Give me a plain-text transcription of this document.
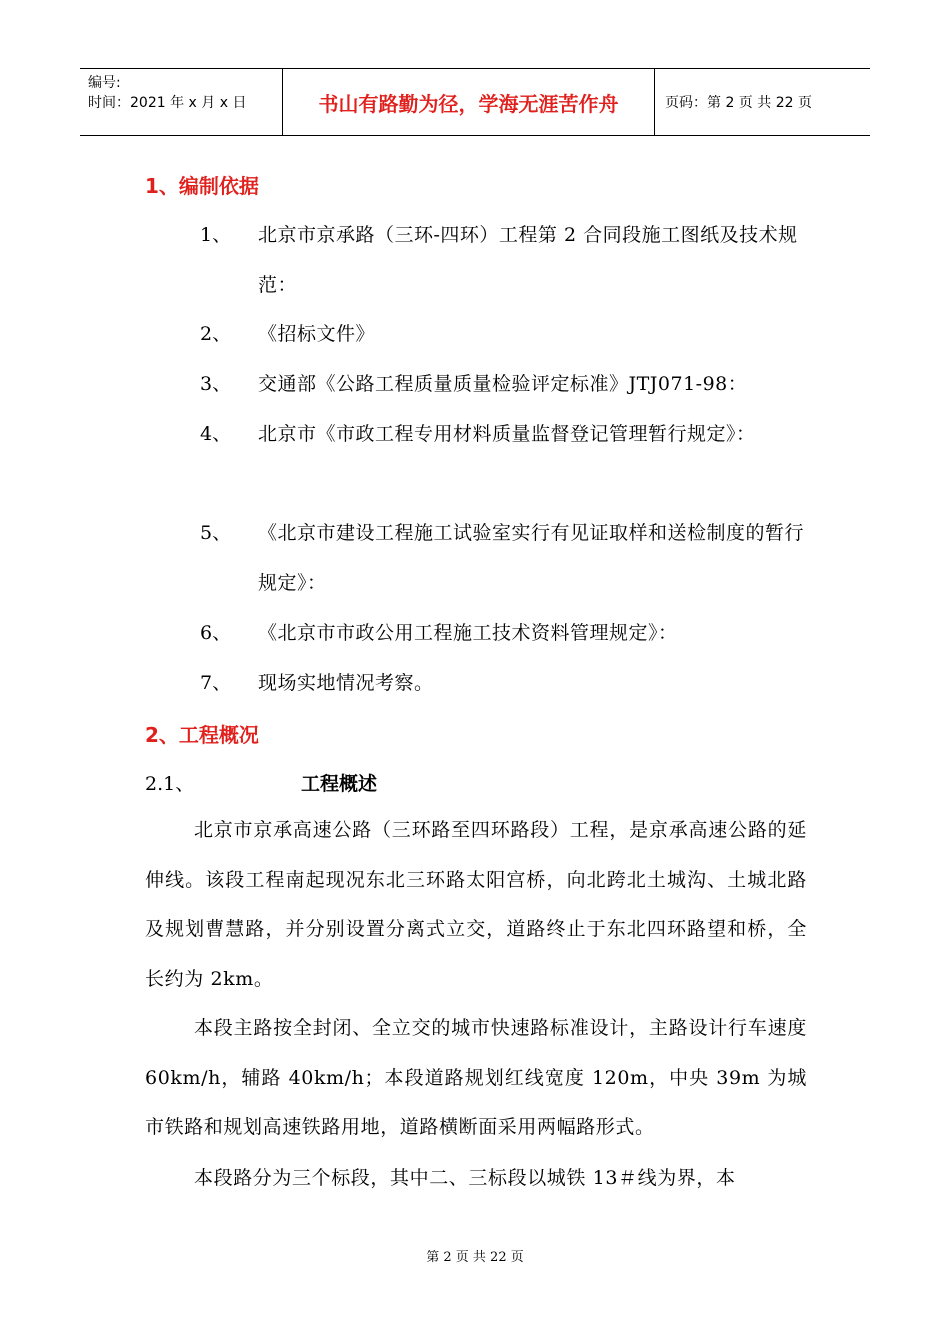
编号:
时间：2021 年 x 月 x 日	书山有路勤为径，学海无涯苦作舟	页码：第 2 页 共 22 页
1、编制依据
1、 北京市京承路（三环-四环）工程第 2 合同段施工图纸及技术规范：
2、 《招标文件》
3、 交通部《公路工程质量质量检验评定标准》JTJ071-98：
4、 北京市《市政工程专用材料质量监督登记管理暂行规定》：
5、 《北京市建设工程施工试验室实行有见证取样和送检制度的暂行规定》：
6、 《北京市市政公用工程施工技术资料管理规定》：
7、 现场实地情况考察。
2、工程概况
2.1、	工程概述
北京市京承高速公路（三环路至四环路段）工程，是京承高速公路的延伸线。该段工程南起现况东北三环路太阳宫桥，向北跨北土城沟、土城北路及规划曹慧路，并分别设置分离式立交，道路终止于东北四环路望和桥，全长约为 2km。
本段主路按全封闭、全立交的城市快速路标准设计，主路设计行车速度 60km/h，辅路 40km/h；本段道路规划红线宽度 120m，中央 39m 为城市铁路和规划高速铁路用地，道路横断面采用两幅路形式。
本段路分为三个标段，其中二、三标段以城铁 13＃线为界，本
第 2 页 共 22 页
